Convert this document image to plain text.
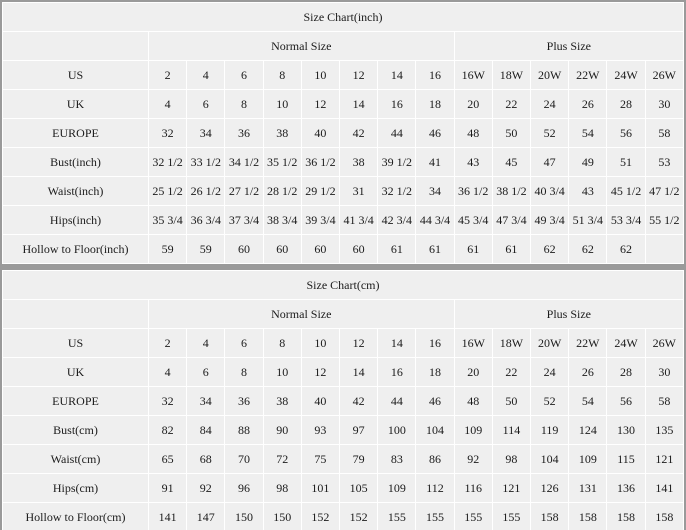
Size Chart(inch)														
	Normal Size								Plus Size					
US	2	4	6	8	10	12	14	16	16W	18W	20W	22W	24W	26W
UK	4	6	8	10	12	14	16	18	20	22	24	26	28	30
EUROPE	32	34	36	38	40	42	44	46	48	50	52	54	56	58
Bust(inch)	32 1/2	33 1/2	34 1/2	35 1/2	36 1/2	38	39 1/2	41	43	45	47	49	51	53
Waist(inch)	25 1/2	26 1/2	27 1/2	28 1/2	29 1/2	31	32 1/2	34	36 1/2	38 1/2	40 3/4	43	45 1/2	47 1/2
Hips(inch)	35 3/4	36 3/4	37 3/4	38 3/4	39 3/4	41 3/4	42 3/4	44 3/4	45 3/4	47 3/4	49 3/4	51 3/4	53 3/4	55 1/2
Hollow to Floor(inch)	59	59	60	60	60	60	61	61	61	61	62	62	62	
Size Chart(cm)														
	Normal Size								Plus Size					
US	2	4	6	8	10	12	14	16	16W	18W	20W	22W	24W	26W
UK	4	6	8	10	12	14	16	18	20	22	24	26	28	30
EUROPE	32	34	36	38	40	42	44	46	48	50	52	54	56	58
Bust(cm)	82	84	88	90	93	97	100	104	109	114	119	124	130	135
Waist(cm)	65	68	70	72	75	79	83	86	92	98	104	109	115	121
Hips(cm)	91	92	96	98	101	105	109	112	116	121	126	131	136	141
Hollow to Floor(cm)	141	147	150	150	152	152	155	155	155	155	158	158	158	158
